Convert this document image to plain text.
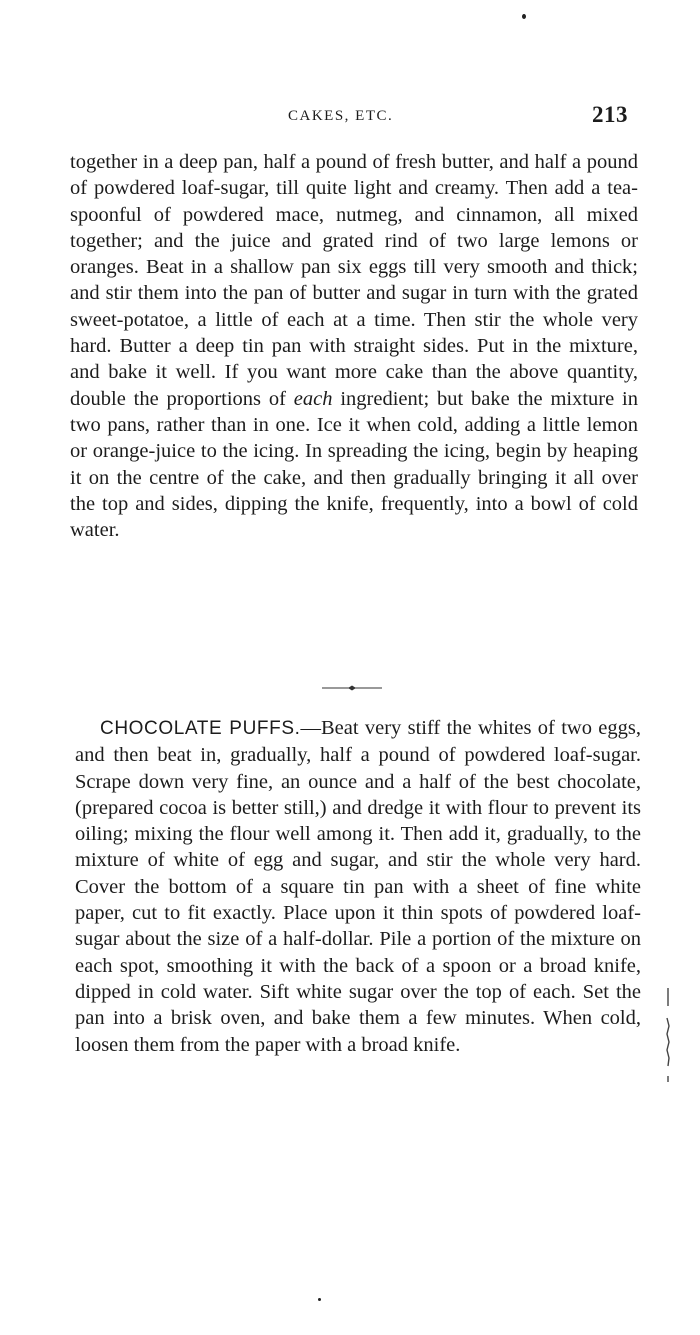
CAKES, ETC.	213

together in a deep pan, half a pound of fresh butter, and half a pound of powdered loaf-sugar, till quite light and creamy. Then add a tea-spoonful of powdered mace, nutmeg, and cinnamon, all mixed together; and the juice and grated rind of two large lemons or oranges. Beat in a shallow pan six eggs till very smooth and thick; and stir them into the pan of butter and sugar in turn with the grated sweet-potatoe, a little of each at a time. Then stir the whole very hard. Butter a deep tin pan with straight sides. Put in the mixture, and bake it well. If you want more cake than the above quantity, double the proportions of each ingredient; but bake the mixture in two pans, rather than in one. Ice it when cold, adding a little lemon or orange-juice to the icing. In spreading the icing, begin by heaping it on the centre of the cake, and then gradually bringing it all over the top and sides, dipping the knife, frequently, into a bowl of cold water.

CHOCOLATE PUFFS.—Beat very stiff the whites of two eggs, and then beat in, gradually, half a pound of powdered loaf-sugar. Scrape down very fine, an ounce and a half of the best chocolate, (prepared cocoa is better still,) and dredge it with flour to prevent its oiling; mixing the flour well among it. Then add it, gradually, to the mixture of white of egg and sugar, and stir the whole very hard. Cover the bottom of a square tin pan with a sheet of fine white paper, cut to fit exactly. Place upon it thin spots of powdered loaf-sugar about the size of a half-dollar. Pile a portion of the mixture on each spot, smoothing it with the back of a spoon or a broad knife, dipped in cold water. Sift white sugar over the top of each. Set the pan into a brisk oven, and bake them a few minutes. When cold, loosen them from the paper with a broad knife.
